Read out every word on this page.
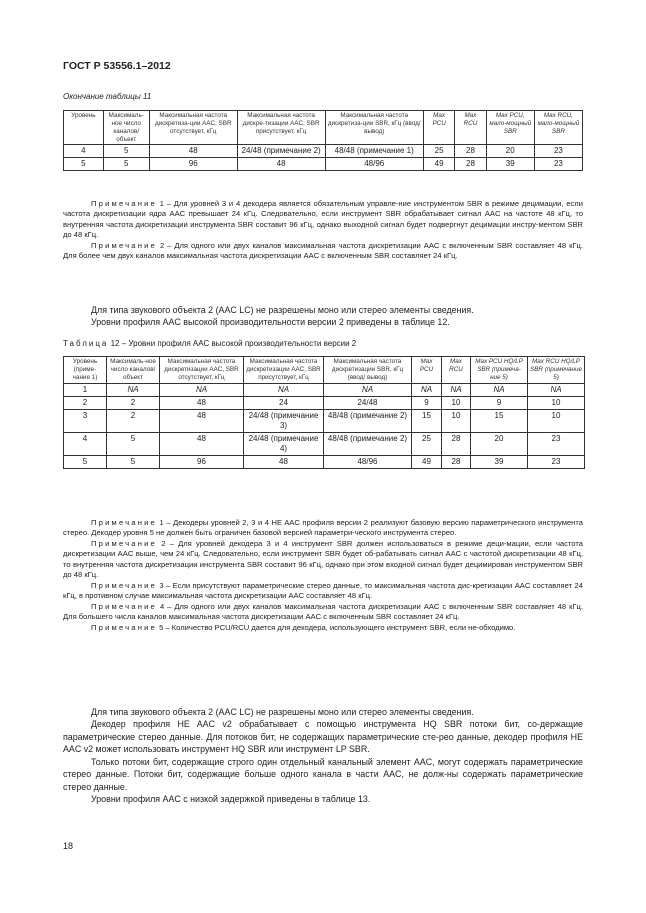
ГОСТ Р 53556.1–2012
Окончание таблицы 11
Уровень	Максималь-ное число каналов/ объект	Максимальная частота дискретиза-ции AAC, SBR отсутствует, кГц	Максимальная частота дискре-тизации AAC, SBR присутствует, кГц	Максимальная частота дискретиза-ции SBR, кГц (ввод/ вывод)	Max PCU	Max RCU	Max PCU, мало-мощный SBR	Max RCU, мало-мощный SBR
4	5	48	24/48 (примечание 2)	48/48 (примечание 1)	25	28	20	23
5	5	96	48	48/96	49	28	39	23
Примечание 1 – Для уровней 3 и 4 декодера является обязательным управле-ние инструментом SBR в режиме децимации, если частота дискретизации ядра AAC превышает 24 кГц. Следовательно, если инструмент SBR обрабатывает сигнал AAC на частоте 48 кГц, то внутренняя частота дискретизации инструмента SBR составит 96 кГц, однако выходной сигнал будет подвергнут децимации инстру-ментом SBR до 48 кГц.
Примечание 2 – Для одного или двух каналов максимальная частота дискретизации AAC с включенным SBR составляет 48 кГц. Для более чем двух каналов максимальная частота дискретизации AAC с включенным SBR составляет 24 кГц.
Для типа звукового объекта 2 (AAC LC) не разрешены моно или стерео элементы сведения.
Уровни профиля AAC высокой производительности версии 2 приведены в таблице 12.
Таблица 12 – Уровни профиля AAC высокой производительности версии 2
Уровень (приме-чание 1)	Максималь-ное число каналов/ объект	Максимальная частота дискретизации AAC, SBR отсутствует, кГц	Максимальная частота дискретизации AAC, SBR присутствует, кГц	Максимальная частота дискретизации SBR, кГц (ввод/ вывод)	Max PCU	Max RCU	Max PCU HQ/LP SBR (примеча-ние 5)	Max RCU HQ/LP SBR (примечание 5)
1	NA	NA	NA	NA	NA	NA	NA	NA
2	2	48	24	24/48	9	10	9	10
3	2	48	24/48 (примечание 3)	48/48 (примечание 2)	15	10	15	10
4	5	48	24/48 (примечание 4)	48/48 (примечание 2)	25	28	20	23
5	5	96	48	48/96	49	28	39	23
Примечание 1 – Декодеры уровней 2, 3 и 4 HE AAC профиля версии 2 реализуют базовую версию параметрического инструмента стерео. Декодер уровня 5 не должен быть ограничен базовой версией параметри-ческого инструмента стерео.
Примечание 2 – Для уровней декодера 3 и 4 инструмент SBR должен использоваться в режиме деци-мации, если частота дискретизации AAC выше, чем 24 кГц. Следовательно, если инструмент SBR будет об-рабатывать сигнал AAC с частотой дискретизации 48 кГц, то внутренняя частота дискретизации инструмента SBR составит 96 кГц, однако при этом входной сигнал будет децимирован инструментом SBR до 48 кГц.
Примечание 3 – Если присутствуют параметрические стерео данные, то максимальная частота дис-кретизации AAC составляет 24 кГц, в противном случае максимальная частота дискретизации AAC составляет 48 кГц.
Примечание 4 – Для одного или двух каналов максимальная частота дискретизации AAC с включенным SBR составляет 48 кГц. Для большего числа каналов максимальная частота дискретизации AAC с включенным SBR составляет 24 кГц.
Примечание 5 – Количество PCU/RCU дается для декодера, использующего инструмент SBR, если не-обходимо.
Для типа звукового объекта 2 (AAC LC) не разрешены моно или стерео элементы сведения.
Декодер профиля HE AAC v2 обрабатывает с помощью инструмента HQ SBR потоки бит, со-держащие параметрические стерео данные. Для потоков бит, не содержащих параметрические сте-рео данные, декодер профиля HE AAC v2 может использовать инструмент HQ SBR или инструмент LP SBR.
Только потоки бит, содержащие строго один отдельный канальный элемент AAC, могут содержать параметрические стерео данные. Потоки бит, содержащие больше одного канала в части AAC, не долж-ны содержать параметрические стерео данные.
Уровни профиля AAC с низкой задержкой приведены в таблице 13.
18
